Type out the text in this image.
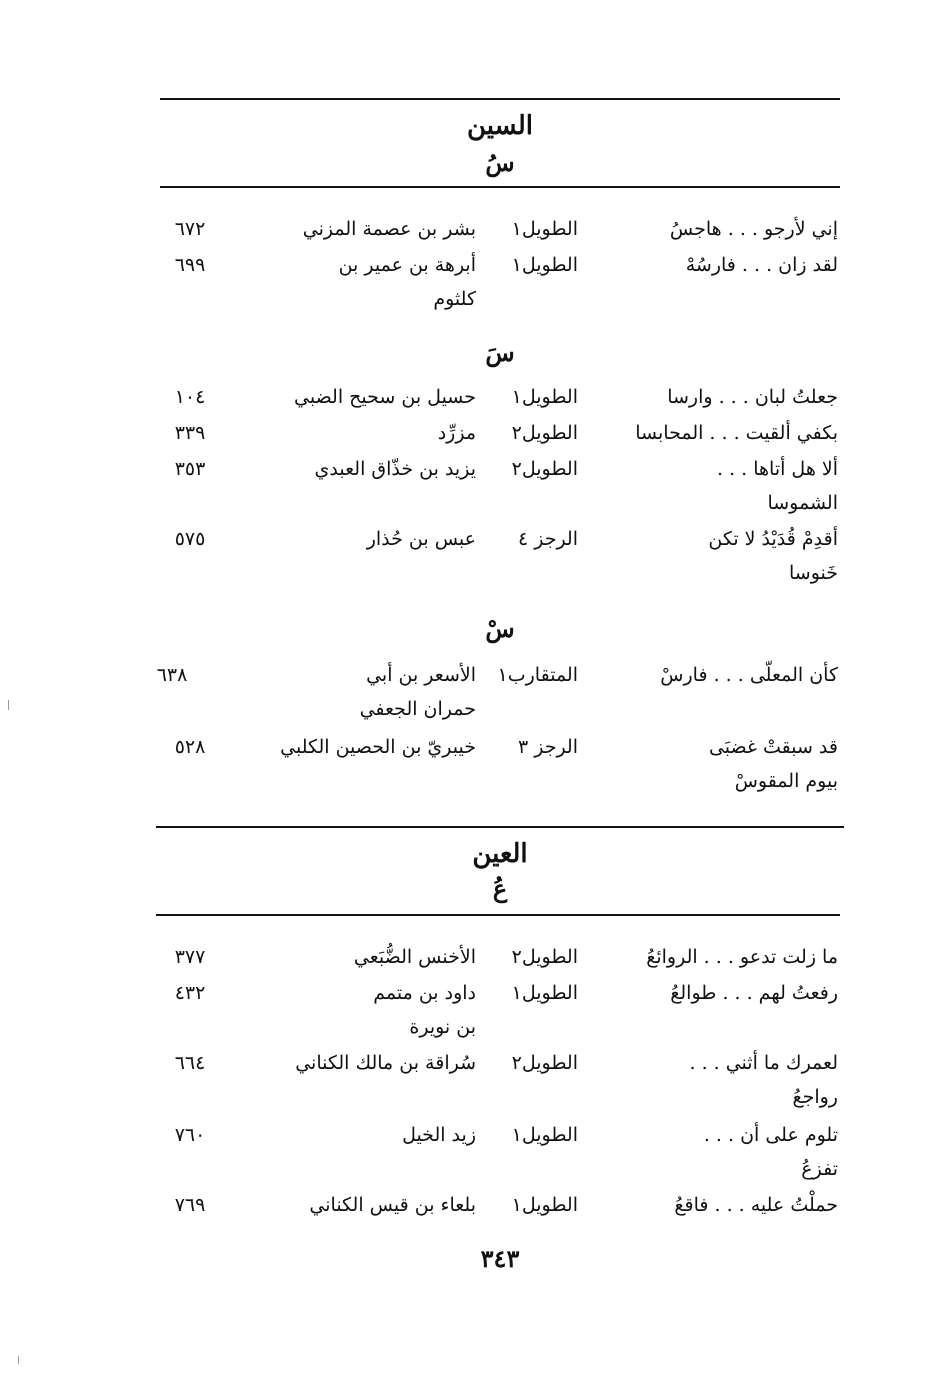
السين
سُ
إني لأرجو . . . هاجسُ
الطويل١
بشر بن عصمة المزني
٦٧٢
لقد زان . . . فارسُهْ
الطويل١
أبرهة بن عمير بن كلثوم
٦٩٩
سَ
جعلتُ لبان . . . وارسا
الطويل١
حسيل بن سحيح الضبي
١٠٤
بكفي ألقيت . . . المحابسا
الطويل٢
مزرِّد
٣٣٩
ألا هل أتاها . . . الشموسا
الطويل٢
يزيد بن خذّاق العبدي
٣٥٣
أقدِمْ قُدَيْدُ لا تكن خَنوسا
الرجز ٤
عبس بن حُذار
٥٧٥
سْ
كأن المعلّى . . . فارسْ
المتقارب١
الأسعر بن أبي حمران الجعفي
٦٣٨
قد سبقتْ غضبَى بيوم المقوسْ
الرجز ٣
خيبريّ بن الحصين الكلبي
٥٢٨
العين
عُ
ما زلت تدعو . . . الروائعُ
الطويل٢
الأخنس الضُّبَعي
٣٧٧
رفعتُ لهم . . . طوالعُ
الطويل١
داود بن متمم بن نويرة
٤٣٢
لعمرك ما أثني . . . رواجعُ
الطويل٢
سُراقة بن مالك الكناني
٦٦٤
تلوم على أن . . . تفزعُ
الطويل١
زيد الخيل
٧٦٠
حملْتُ عليه . . . فاقعُ
الطويل١
بلعاء بن قيس الكناني
٧٦٩
٣٤٣
